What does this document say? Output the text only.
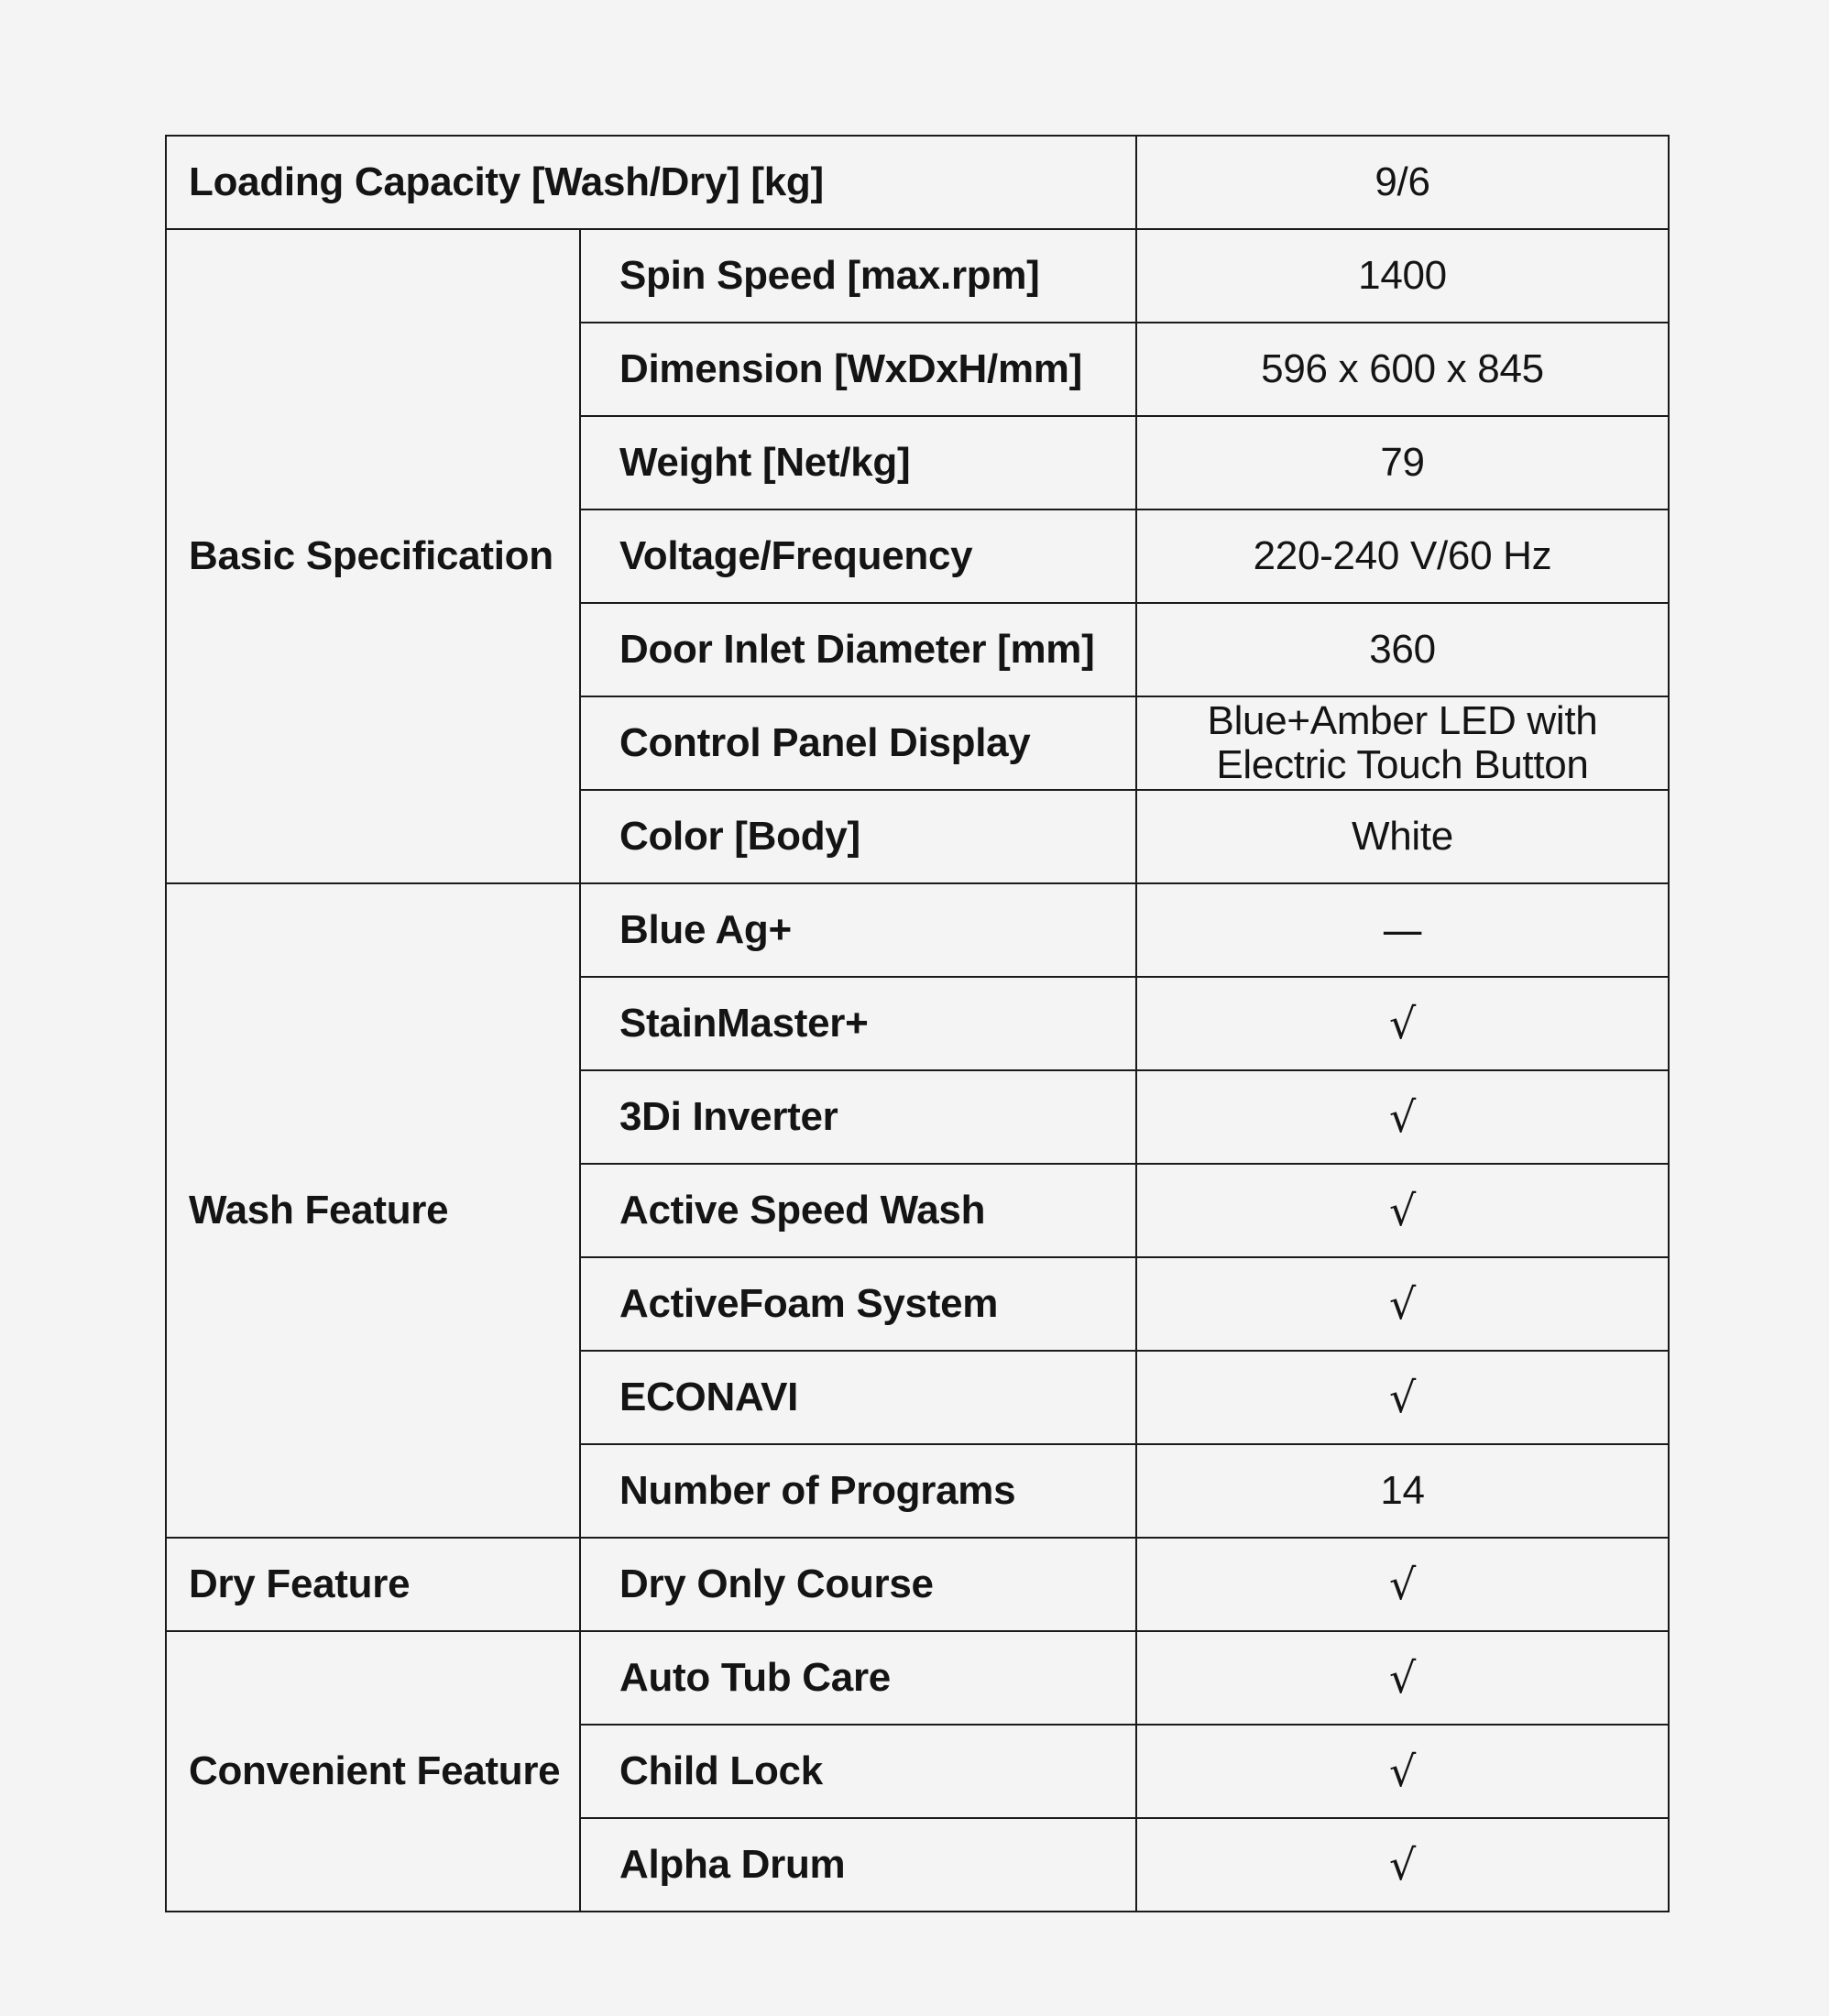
Loading Capacity [Wash/Dry] [kg]		9/6
Basic Specification	Spin Speed [max.rpm]	1400
	Dimension [WxDxH/mm]	596 x 600 x 845
	Weight [Net/kg]	79
	Voltage/Frequency	220-240 V/60 Hz
	Door Inlet Diameter [mm]	360
	Control Panel Display	Blue+Amber LED with
Electric Touch Button

	Color [Body]	White
Wash Feature	Blue Ag+	—
	StainMaster+	√
	3Di Inverter	√
	Active Speed Wash	√
	ActiveFoam System	√
	ECONAVI	√
	Number of Programs	14
Dry Feature	Dry Only Course	√
Convenient Feature	Auto Tub Care	√
	Child Lock	√
	Alpha Drum	√
